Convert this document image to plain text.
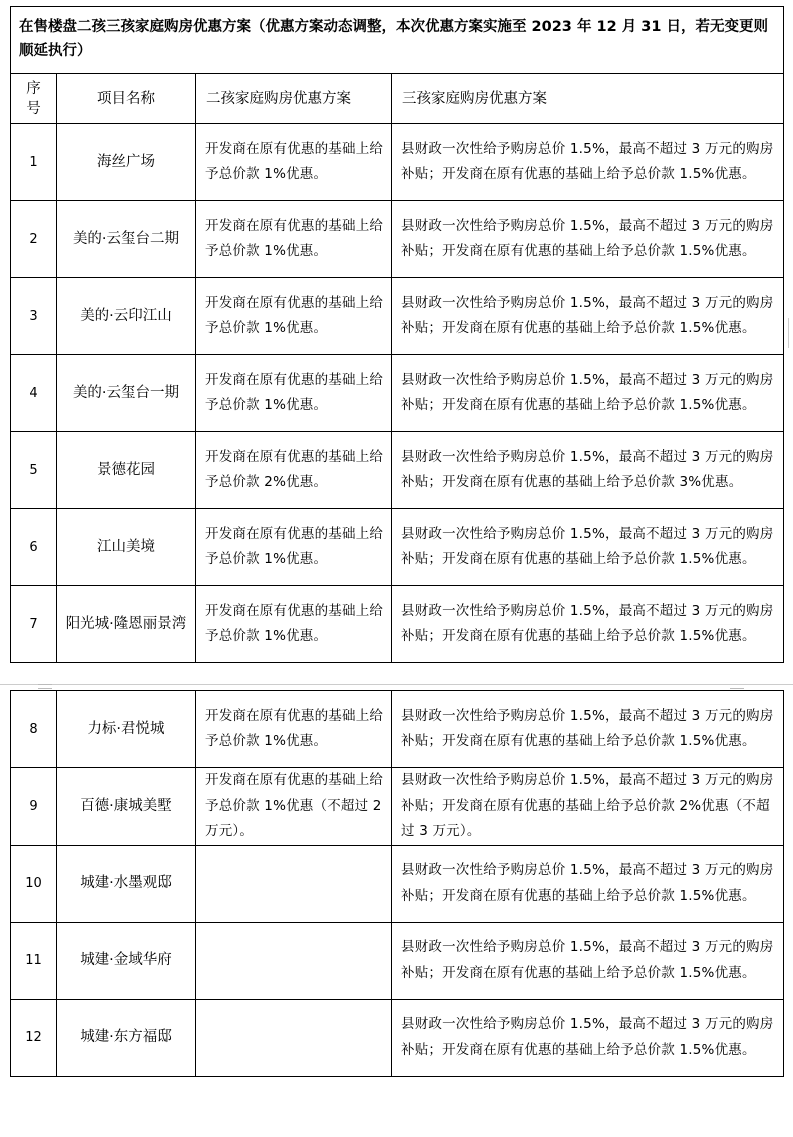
在售楼盘二孩三孩家庭购房优惠方案（优惠方案动态调整，本次优惠方案实施至 2023 年 12 月 31 日，若无变更则顺延执行）			
序号	项目名称	二孩家庭购房优惠方案	三孩家庭购房优惠方案
1	海丝广场	开发商在原有优惠的基础上给予总价款 1%优惠。	县财政一次性给予购房总价 1.5%，最高不超过 3 万元的购房补贴；开发商在原有优惠的基础上给予总价款 1.5%优惠。
2	美的·云玺台二期	开发商在原有优惠的基础上给予总价款 1%优惠。	县财政一次性给予购房总价 1.5%，最高不超过 3 万元的购房补贴；开发商在原有优惠的基础上给予总价款 1.5%优惠。
3	美的·云印江山	开发商在原有优惠的基础上给予总价款 1%优惠。	县财政一次性给予购房总价 1.5%，最高不超过 3 万元的购房补贴；开发商在原有优惠的基础上给予总价款 1.5%优惠。
4	美的·云玺台一期	开发商在原有优惠的基础上给予总价款 1%优惠。	县财政一次性给予购房总价 1.5%，最高不超过 3 万元的购房补贴；开发商在原有优惠的基础上给予总价款 1.5%优惠。
5	景德花园	开发商在原有优惠的基础上给予总价款 2%优惠。	县财政一次性给予购房总价 1.5%，最高不超过 3 万元的购房补贴；开发商在原有优惠的基础上给予总价款 3%优惠。
6	江山美境	开发商在原有优惠的基础上给予总价款 1%优惠。	县财政一次性给予购房总价 1.5%，最高不超过 3 万元的购房补贴；开发商在原有优惠的基础上给予总价款 1.5%优惠。
7	阳光城·隆恩丽景湾	开发商在原有优惠的基础上给予总价款 1%优惠。	县财政一次性给予购房总价 1.5%，最高不超过 3 万元的购房补贴；开发商在原有优惠的基础上给予总价款 1.5%优惠。
8	力标·君悦城	开发商在原有优惠的基础上给予总价款 1%优惠。	县财政一次性给予购房总价 1.5%，最高不超过 3 万元的购房补贴；开发商在原有优惠的基础上给予总价款 1.5%优惠。
9	百德·康城美墅	开发商在原有优惠的基础上给予总价款 1%优惠（不超过 2 万元）。	县财政一次性给予购房总价 1.5%，最高不超过 3 万元的购房补贴；开发商在原有优惠的基础上给予总价款 2%优惠（不超过 3 万元）。
10	城建·水墨观邸		县财政一次性给予购房总价 1.5%，最高不超过 3 万元的购房补贴；开发商在原有优惠的基础上给予总价款 1.5%优惠。
11	城建·金域华府		县财政一次性给予购房总价 1.5%，最高不超过 3 万元的购房补贴；开发商在原有优惠的基础上给予总价款 1.5%优惠。
12	城建·东方福邸		县财政一次性给予购房总价 1.5%，最高不超过 3 万元的购房补贴；开发商在原有优惠的基础上给予总价款 1.5%优惠。
